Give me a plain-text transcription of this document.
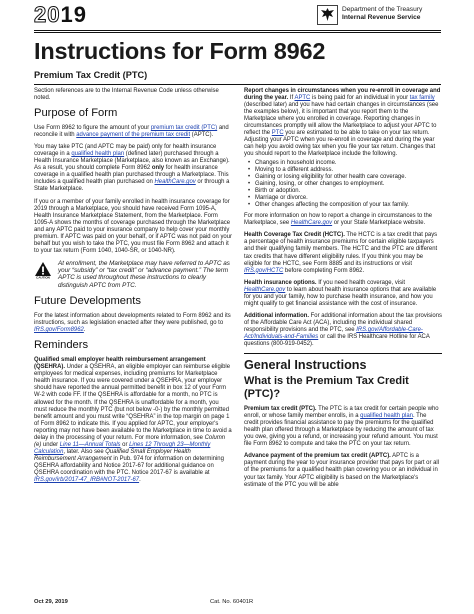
2019	Department of the Treasury
Internal Revenue Service
Instructions for Form 8962
Premium Tax Credit (PTC)

Section references are to the Internal Revenue Code unless otherwise noted.

Purpose of Form

Use Form 8962 to figure the amount of your premium tax credit (PTC) and reconcile it with advance payment of the premium tax credit (APTC).

You may take PTC (and APTC may be paid) only for health insurance coverage in a qualified health plan (defined later) purchased through a Health Insurance Marketplace (Marketplace, also known as an Exchange). As a result, you should complete Form 8962 only for health insurance coverage in a qualified health plan purchased through a Marketplace. This includes a qualified health plan purchased on HealthCare.gov or through a State Marketplace.

If you or a member of your family enrolled in health insurance coverage for 2019 through a Marketplace, you should have received Form 1095-A, Health Insurance Marketplace Statement, from the Marketplace. Form 1095-A shows the months of coverage purchased through the Marketplace and any APTC paid to your insurance company to help cover your monthly premium. If APTC was paid on your behalf, or if APTC was not paid on your behalf but you wish to take the PTC, you must file Form 8962 and attach it to your tax return (Form 1040, 1040-SR, or 1040-NR).

CAUTION
At enrollment, the Marketplace may have referred to APTC as your “subsidy” or “tax credit” or “advance payment.” The term APTC is used throughout these instructions to clearly distinguish APTC from PTC.
Future Developments

For the latest information about developments related to Form 8962 and its instructions, such as legislation enacted after they were published, go to IRS.gov/Form8962.

Reminders

Qualified small employer health reimbursement arrangement (QSEHRA). Under a QSEHRA, an eligible employer can reimburse eligible employees for medical expenses, including premiums for Marketplace health insurance. If you were covered under a QSEHRA, your employer should have reported the annual permitted benefit in box 12 of your Form W-2 with code FF. If the QSEHRA is affordable for a month, no PTC is allowed for the month. If the QSEHRA is unaffordable for a month, you must reduce the monthly PTC (but not below -0-) by the monthly permitted benefit amount and you must write “QSEHRA” in the top margin on page 1 of Form 8962 to indicate this. If you applied for APTC, your employer's reporting may not have been available to the Marketplace in time to avoid a delay in the processing of your return. For more information, see Column (e) under Line 11—Annual Totals or Lines 12 Through 23—Monthly Calculation, later. Also see Qualified Small Employer Health Reimbursement Arrangement in Pub. 974 for information on determining QSEHRA affordability and Notice 2017-67 for additional guidance on QSEHRA coordination with the PTC. Notice 2017-67 is available at IRS.gov/irb/2017-47_IRB#NOT-2017-67.

Report changes in circumstances when you re-enroll in coverage and during the year. If APTC is being paid for an individual in your tax family (described later) and you have had certain changes in circumstances (see the examples below), it is important that you report them to the Marketplace where you enrolled in coverage. Reporting changes in circumstances promptly will allow the Marketplace to adjust your APTC to reflect the PTC you are estimated to be able to take on your tax return. Adjusting your APTC when you re-enroll in coverage and during the year can help you avoid owing tax when you file your tax return. Changes that you should report to the Marketplace include the following.

• Changes in household income.
• Moving to a different address.
• Gaining or losing eligibility for other health care coverage.
• Gaining, losing, or other changes to employment.
• Birth or adoption.
• Marriage or divorce.
• Other changes affecting the composition of your tax family.

For more information on how to report a change in circumstances to the Marketplace, see HealthCare.gov or your State Marketplace website.

Health Coverage Tax Credit (HCTC). The HCTC is a tax credit that pays a percentage of health insurance premiums for certain eligible taxpayers and their qualifying family members. The HCTC and the PTC are different tax credits that have different eligibility rules. If you think you may be eligible for the HCTC, see Form 8885 and its instructions or visit IRS.gov/HCTC before completing Form 8962.

Health insurance options. If you need health coverage, visit HealthCare.gov to learn about health insurance options that are available for you and your family, how to purchase health insurance, and how you might qualify to get financial assistance with the cost of insurance.

Additional information. For additional information about the tax provisions of the Affordable Care Act (ACA), including the individual shared responsibility provisions and the PTC, see IRS.gov/Affordable-Care-Act/Individuals-and-Families or call the IRS Healthcare Hotline for ACA questions (800-919-0452).

General Instructions
What is the Premium Tax Credit (PTC)?

Premium tax credit (PTC). The PTC is a tax credit for certain people who enroll, or whose family member enrolls, in a qualified health plan. The credit provides financial assistance to pay the premiums for the qualified health plan offered through a Marketplace by reducing the amount of tax you owe, giving you a refund, or increasing your refund amount. You must file Form 8962 to compute and take the PTC on your tax return.

Advance payment of the premium tax credit (APTC). APTC is a payment during the year to your insurance provider that pays for part or all of the premiums for a qualified health plan covering you or an individual in your tax family. Your APTC eligibility is based on the Marketplace's estimate of the PTC you will be able

Oct 29, 2019	Cat. No. 60401R
